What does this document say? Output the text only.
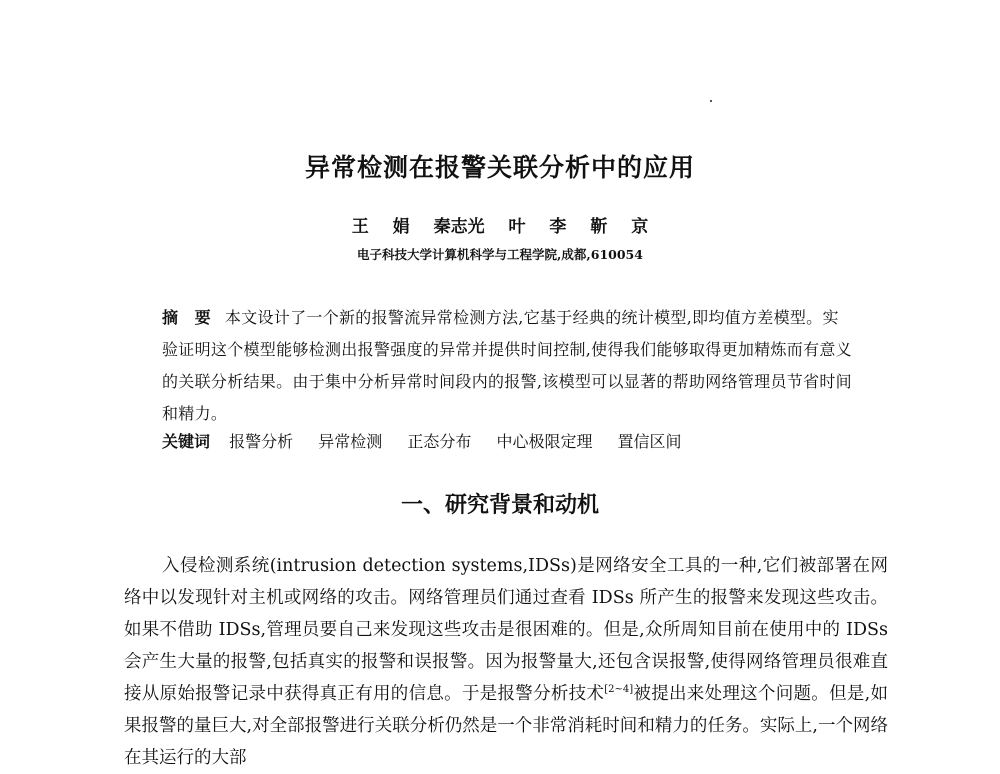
异常检测在报警关联分析中的应用
王 娟 秦志光 叶 李 靳 京
电子科技大学计算机科学与工程学院,成都,610054
摘　要 本文设计了一个新的报警流异常检测方法,它基于经典的统计模型,即均值方差模型。实验证明这个模型能够检测出报警强度的异常并提供时间控制,使得我们能够取得更加精炼而有意义的关联分析结果。由于集中分析异常时间段内的报警,该模型可以显著的帮助网络管理员节省时间和精力。
关键词 报警分析 异常检测 正态分布 中心极限定理 置信区间
一、研究背景和动机

入侵检测系统(intrusion detection systems,IDSs)是网络安全工具的一种,它们被部署在网络中以发现针对主机或网络的攻击。网络管理员们通过查看 IDSs 所产生的报警来发现这些攻击。如果不借助 IDSs,管理员要自己来发现这些攻击是很困难的。但是,众所周知目前在使用中的 IDSs 会产生大量的报警,包括真实的报警和误报警。因为报警量大,还包含误报警,使得网络管理员很难直接从原始报警记录中获得真正有用的信息。于是报警分析技术[2~4]被提出来处理这个问题。但是,如果报警的量巨大,对全部报警进行关联分析仍然是一个非常消耗时间和精力的任务。实际上,一个网络在其运行的大部
